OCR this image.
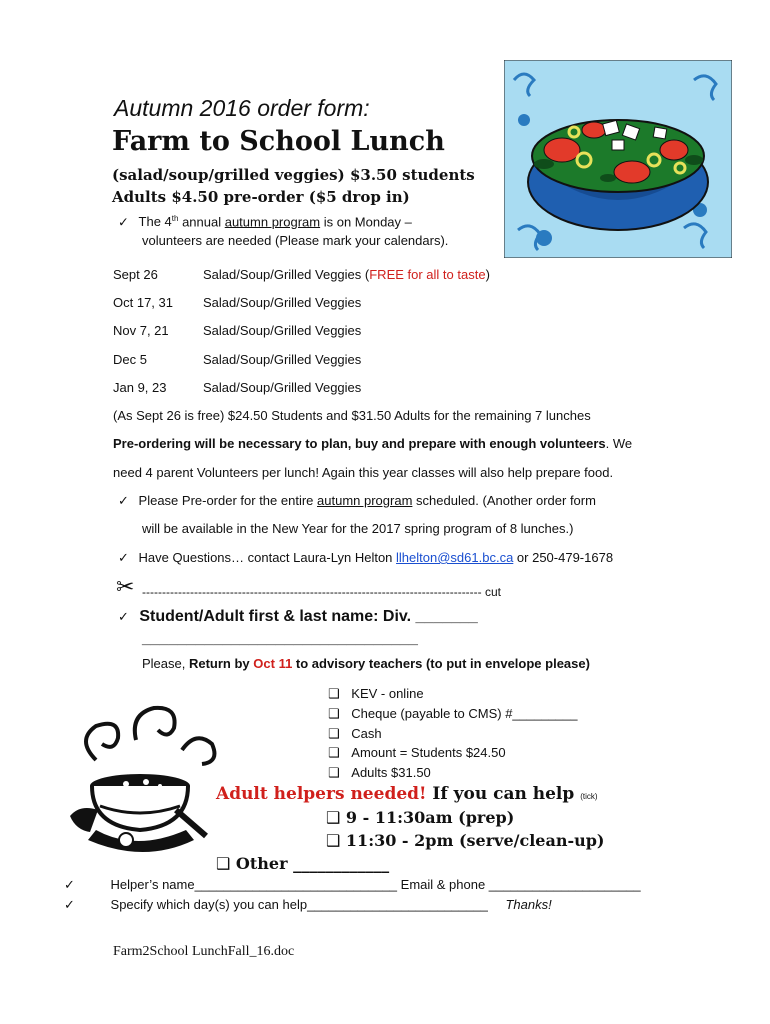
Autumn 2016 order form:
Farm to School Lunch
(salad/soup/grilled veggies) $3.50 students
Adults $4.50 pre-order ($5 drop in)
✓ The 4th annual autumn program is on Monday –
volunteers are needed (Please mark your calendars).
Sept 26	Salad/Soup/Grilled Veggies (FREE for all to taste)
Oct 17, 31 Salad/Soup/Grilled Veggies
Nov 7, 21	Salad/Soup/Grilled Veggies
Dec 5	Salad/Soup/Grilled Veggies
Jan 9, 23	Salad/Soup/Grilled Veggies
(As Sept 26 is free) $24.50 Students and $31.50 Adults for the remaining 7 lunches
Pre-ordering will be necessary to plan, buy and prepare with enough volunteers. We
need 4 parent Volunteers per lunch! Again this year classes will also help prepare food.
✓ Please Pre-order for the entire autumn program scheduled. (Another order form
will be available in the New Year for the 2017 spring program of 8 lunches.)
✓ Have Questions… contact Laura-Lyn Helton llhelton@sd61.bc.ca or 250-479-1678
✂ ------------------------------------------------------------------------------------- cut
✓ Student/Adult first & last name: Div. _______
_______________________________
Please, Return by Oct 11 to advisory teachers (to put in envelope please)
❑ KEV - online
❑ Cheque (payable to CMS) #_________
❑ Cash
❑ Amount = Students $24.50
❑ Adults $31.50
Adult helpers needed! If you can help (tick)
❑ 9 - 11:30am (prep)
❑ 11:30 - 2pm (serve/clean-up)
❑ Other ____________
✓	Helper’s name____________________________ Email & phone _____________________
✓	Specify which day(s) you can help_________________________ Thanks!
Farm2School LunchFall_16.doc
